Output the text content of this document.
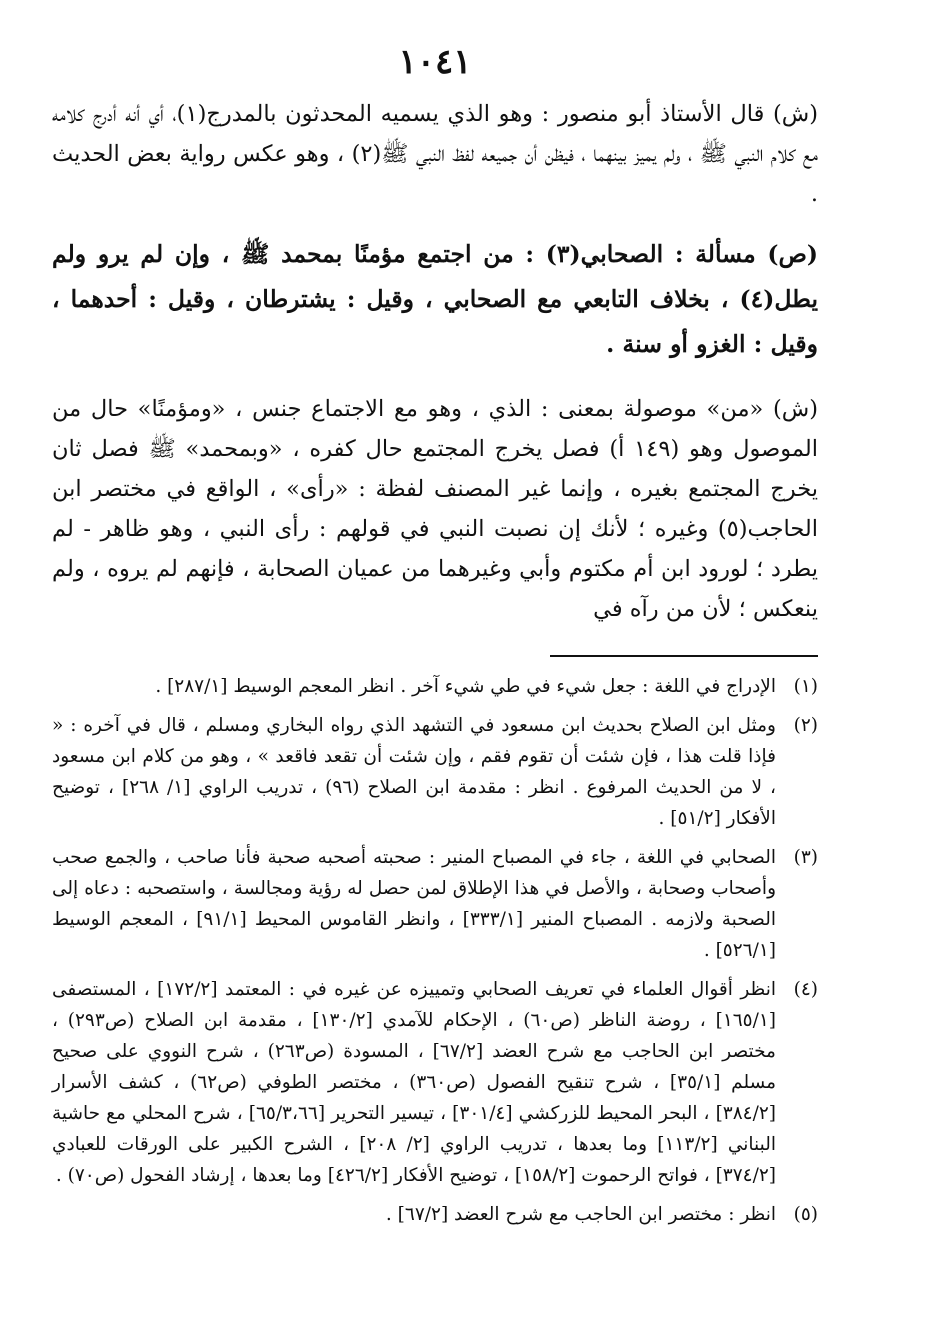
١٠٤١

(ش) قال الأستاذ أبو منصور : وهو الذي يسميه المحدثون بالمدرج(١)، أي أنه أدرج كلامه مع كلام النبي ﷺ ، ولم يميز بينهما ، فيظن أن جميعه لفظ النبي ﷺ(٢) ، وهو عكس رواية بعض الحديث .

(ص) مسألة : الصحابي(٣) : من اجتمع مؤمنًا بمحمد ﷺ ، وإن لم يرو ولم يطل(٤) ، بخلاف التابعي مع الصحابي ، وقيل : يشترطان ، وقيل : أحدهما ، وقيل : الغزو أو سنة .

(ش) «من» موصولة بمعنى : الذي ، وهو مع الاجتماع جنس ، «ومؤمنًا» حال من الموصول وهو (١٤٩ أ) فصل يخرج المجتمع حال كفره ، «وبمحمد» ﷺ فصل ثان يخرج المجتمع بغيره ، وإنما غير المصنف لفظة : «رأى» ، الواقع في مختصر ابن الحاجب(٥) وغيره ؛ لأنك إن نصبت النبي في قولهم : رأى النبي ، وهو ظاهر - لم يطرد ؛ لورود ابن أم مكتوم وأبي وغيرهما من عميان الصحابة ، فإنهم لم يروه ، ولم ينعكس ؛ لأن من رآه في

(١)
الإدراج في اللغة : جعل شيء في طي شيء آخر . انظر المعجم الوسيط [٢٨٧/١] .
(٢)
ومثل ابن الصلاح بحديث ابن مسعود في التشهد الذي رواه البخاري ومسلم ، قال في آخره : « فإذا قلت هذا ، فإن شئت أن تقوم فقم ، وإن شئت أن تقعد فاقعد » ، وهو من كلام ابن مسعود ، لا من الحديث المرفوع . انظر : مقدمة ابن الصلاح (٩٦) ، تدريب الراوي [١/ ٢٦٨] ، توضيح الأفكار [٥١/٢] .
(٣)
الصحابي في اللغة ، جاء في المصباح المنير : صحبته أصحبه صحبة فأنا صاحب ، والجمع صحب وأصحاب وصحابة ، والأصل في هذا الإطلاق لمن حصل له رؤية ومجالسة ، واستصحبه : دعاه إلى الصحبة ولازمه . المصباح المنير [٣٣٣/١] ، وانظر القاموس المحيط [٩١/١] ، المعجم الوسيط [٥٢٦/١] .
(٤)
انظر أقوال العلماء في تعريف الصحابي وتمييزه عن غيره في : المعتمد [١٧٢/٢] ، المستصفى [١٦٥/١] ، روضة الناظر (ص٦٠) ، الإحكام للآمدي [١٣٠/٢] ، مقدمة ابن الصلاح (ص٢٩٣) ، مختصر ابن الحاجب مع شرح العضد [٦٧/٢] ، المسودة (ص٢٦٣) ، شرح النووي على صحيح مسلم [٣٥/١] ، شرح تنقيح الفصول (ص٣٦٠) ، مختصر الطوفي (ص٦٢) ، كشف الأسرار [٣٨٤/٢] ، البحر المحيط للزركشي [٣٠١/٤] ، تيسير التحرير [٦٥/٣،٦٦] ، شرح المحلي مع حاشية البناني [١١٣/٢] وما بعدها ، تدريب الراوي [٢/ ٢٠٨] ، الشرح الكبير على الورقات للعبادي [٣٧٤/٢] ، فواتح الرحموت [١٥٨/٢] ، توضيح الأفكار [٤٢٦/٢] وما بعدها ، إرشاد الفحول (ص٧٠) .
(٥)
انظر : مختصر ابن الحاجب مع شرح العضد [٦٧/٢] .
